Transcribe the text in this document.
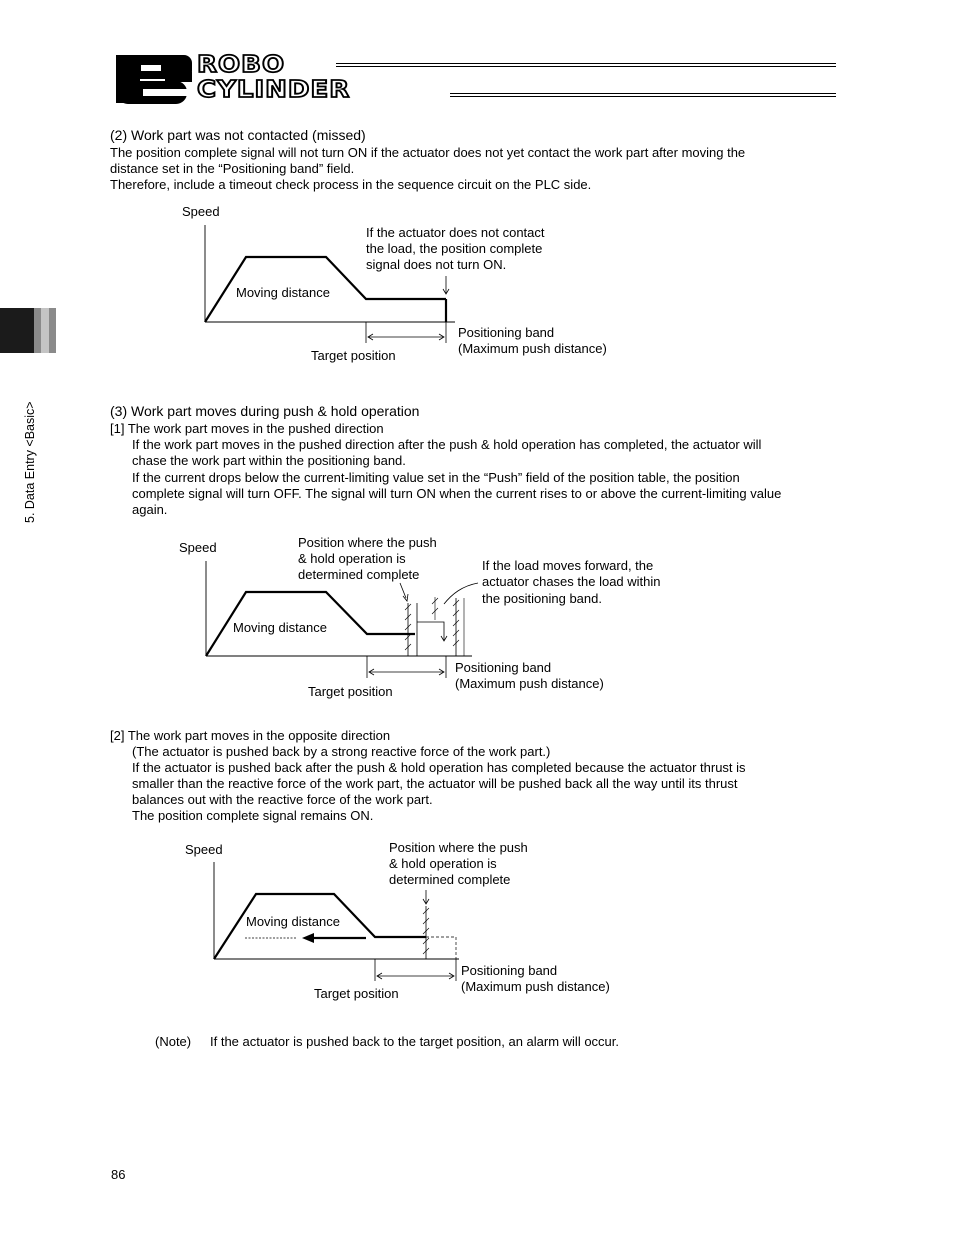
ROBO
CYLINDER
5. Data Entry <Basic>
(2) Work part was not contacted (missed)
The position complete signal will not turn ON if the actuator does not yet contact the work part after moving the
distance set in the “Positioning band” field.
Therefore, include a timeout check process in the sequence circuit on the PLC side.
Speed
Moving distance
If the actuator does not contact
the load, the position complete
signal does not turn ON.
Target position
Positioning band
(Maximum push distance)
(3) Work part moves during push & hold operation
[1] The work part moves in the pushed direction
If the work part moves in the pushed direction after the push & hold operation has completed, the actuator will
chase the work part within the positioning band.
If the current drops below the current-limiting value set in the “Push” field of the position table, the position
complete signal will turn OFF. The signal will turn ON when the current rises to or above the current-limiting value
again.
Speed
Moving distance
Position where the push
& hold operation is
determined complete
If the load moves forward, the
actuator chases the load within
the positioning band.
Target position
Positioning band
(Maximum push distance)
[2] The work part moves in the opposite direction
(The actuator is pushed back by a strong reactive force of the work part.)
If the actuator is pushed back after the push & hold operation has completed because the actuator thrust is
smaller than the reactive force of the work part, the actuator will be pushed back all the way until its thrust
balances out with the reactive force of the work part.
The position complete signal remains ON.
Speed
Moving distance
Position where the push
& hold operation is
determined complete
Target position
Positioning band
(Maximum push distance)
(Note) If the actuator is pushed back to the target position, an alarm will occur.
86
